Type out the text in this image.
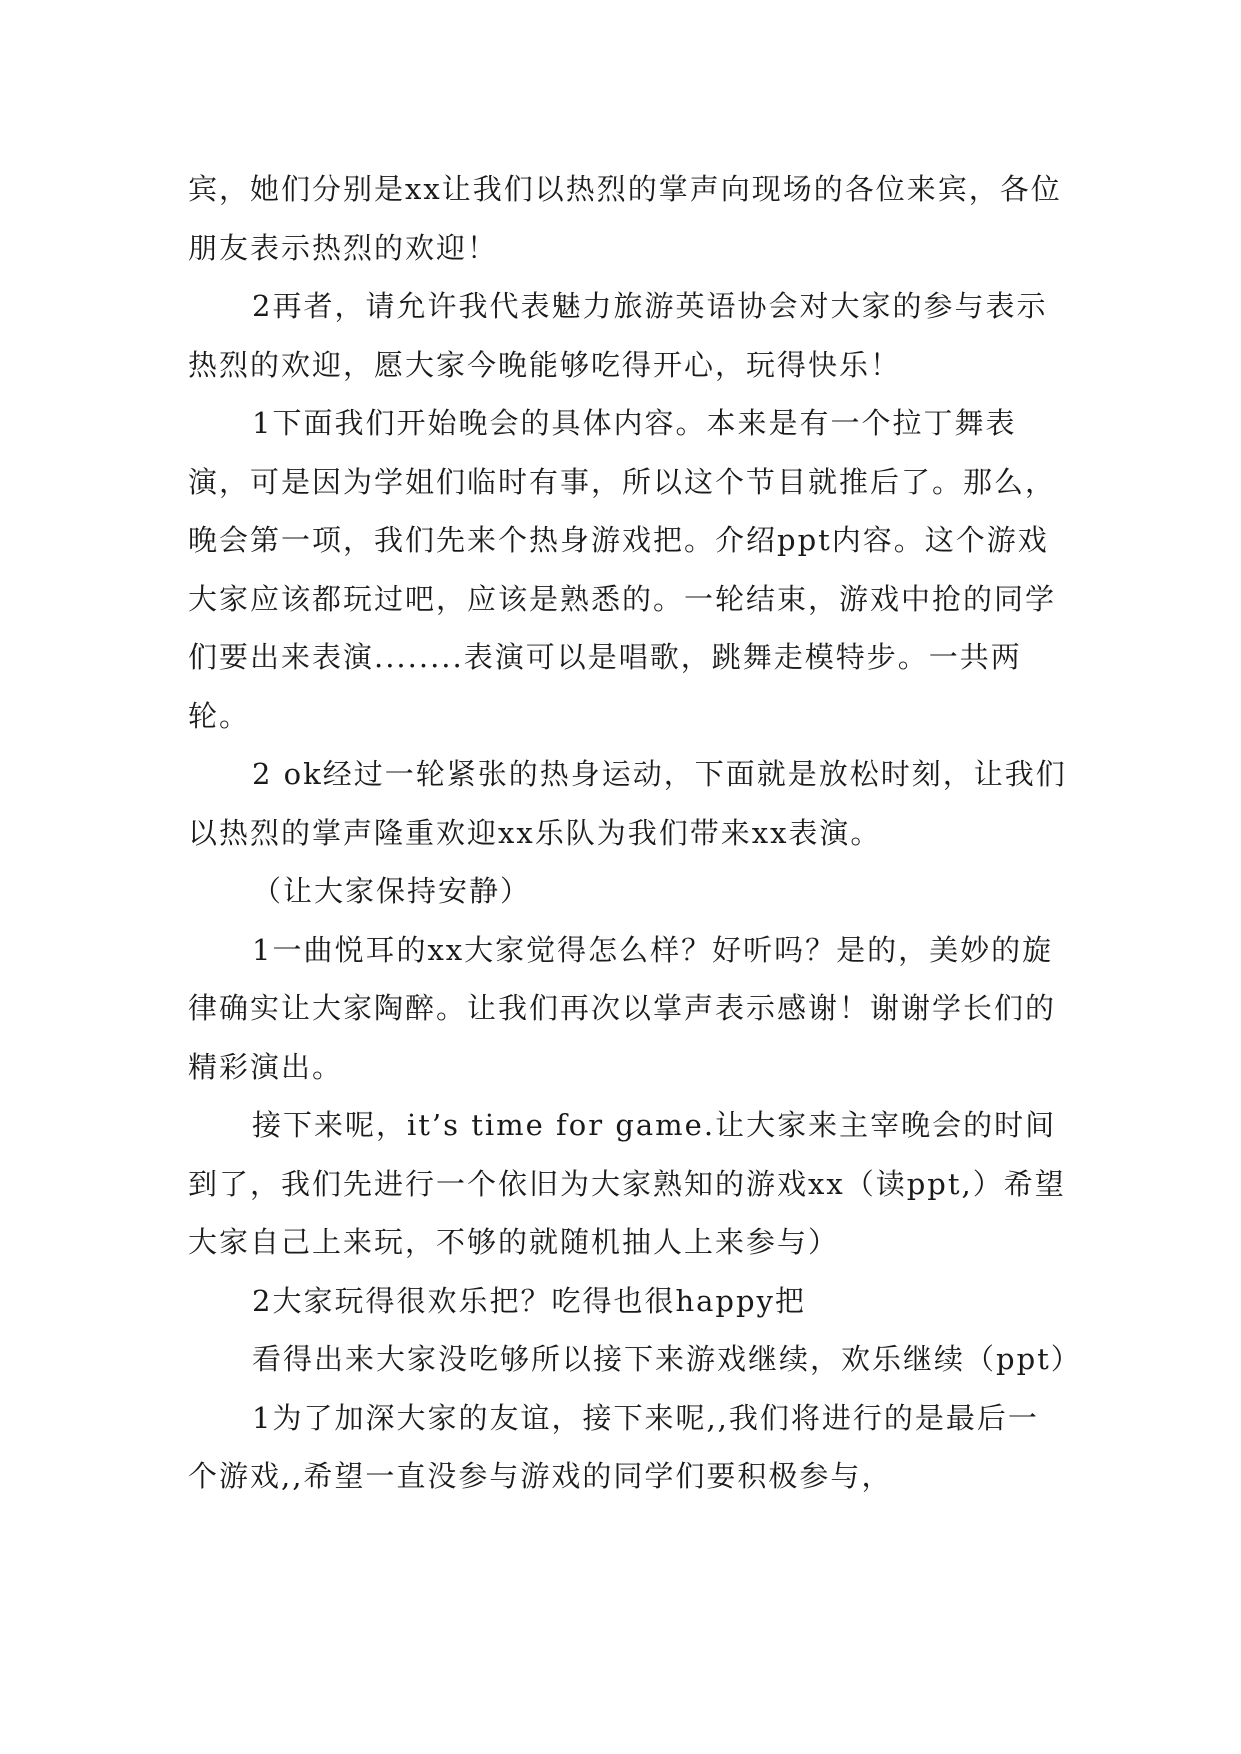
宾，她们分别是xx让我们以热烈的掌声向现场的各位来宾，各位朋友表示热烈的欢迎！

2再者，请允许我代表魅力旅游英语协会对大家的参与表示热烈的欢迎，愿大家今晚能够吃得开心，玩得快乐！

1下面我们开始晚会的具体内容。本来是有一个拉丁舞表演，可是因为学姐们临时有事，所以这个节目就推后了。那么，晚会第一项，我们先来个热身游戏把。介绍ppt内容。这个游戏大家应该都玩过吧，应该是熟悉的。一轮结束，游戏中抢的同学们要出来表演........表演可以是唱歌，跳舞走模特步。一共两轮。

2 ok经过一轮紧张的热身运动，下面就是放松时刻，让我们以热烈的掌声隆重欢迎xx乐队为我们带来xx表演。

（让大家保持安静）

1一曲悦耳的xx大家觉得怎么样？好听吗？是的，美妙的旋律确实让大家陶醉。让我们再次以掌声表示感谢！谢谢学长们的精彩演出。

接下来呢，it’s time for game.让大家来主宰晚会的时间到了，我们先进行一个依旧为大家熟知的游戏xx（读ppt,）希望大家自己上来玩，不够的就随机抽人上来参与）

2大家玩得很欢乐把？吃得也很happy把

看得出来大家没吃够所以接下来游戏继续，欢乐继续（ppt）

1为了加深大家的友谊，接下来呢,,我们将进行的是最后一个游戏,,希望一直没参与游戏的同学们要积极参与，
